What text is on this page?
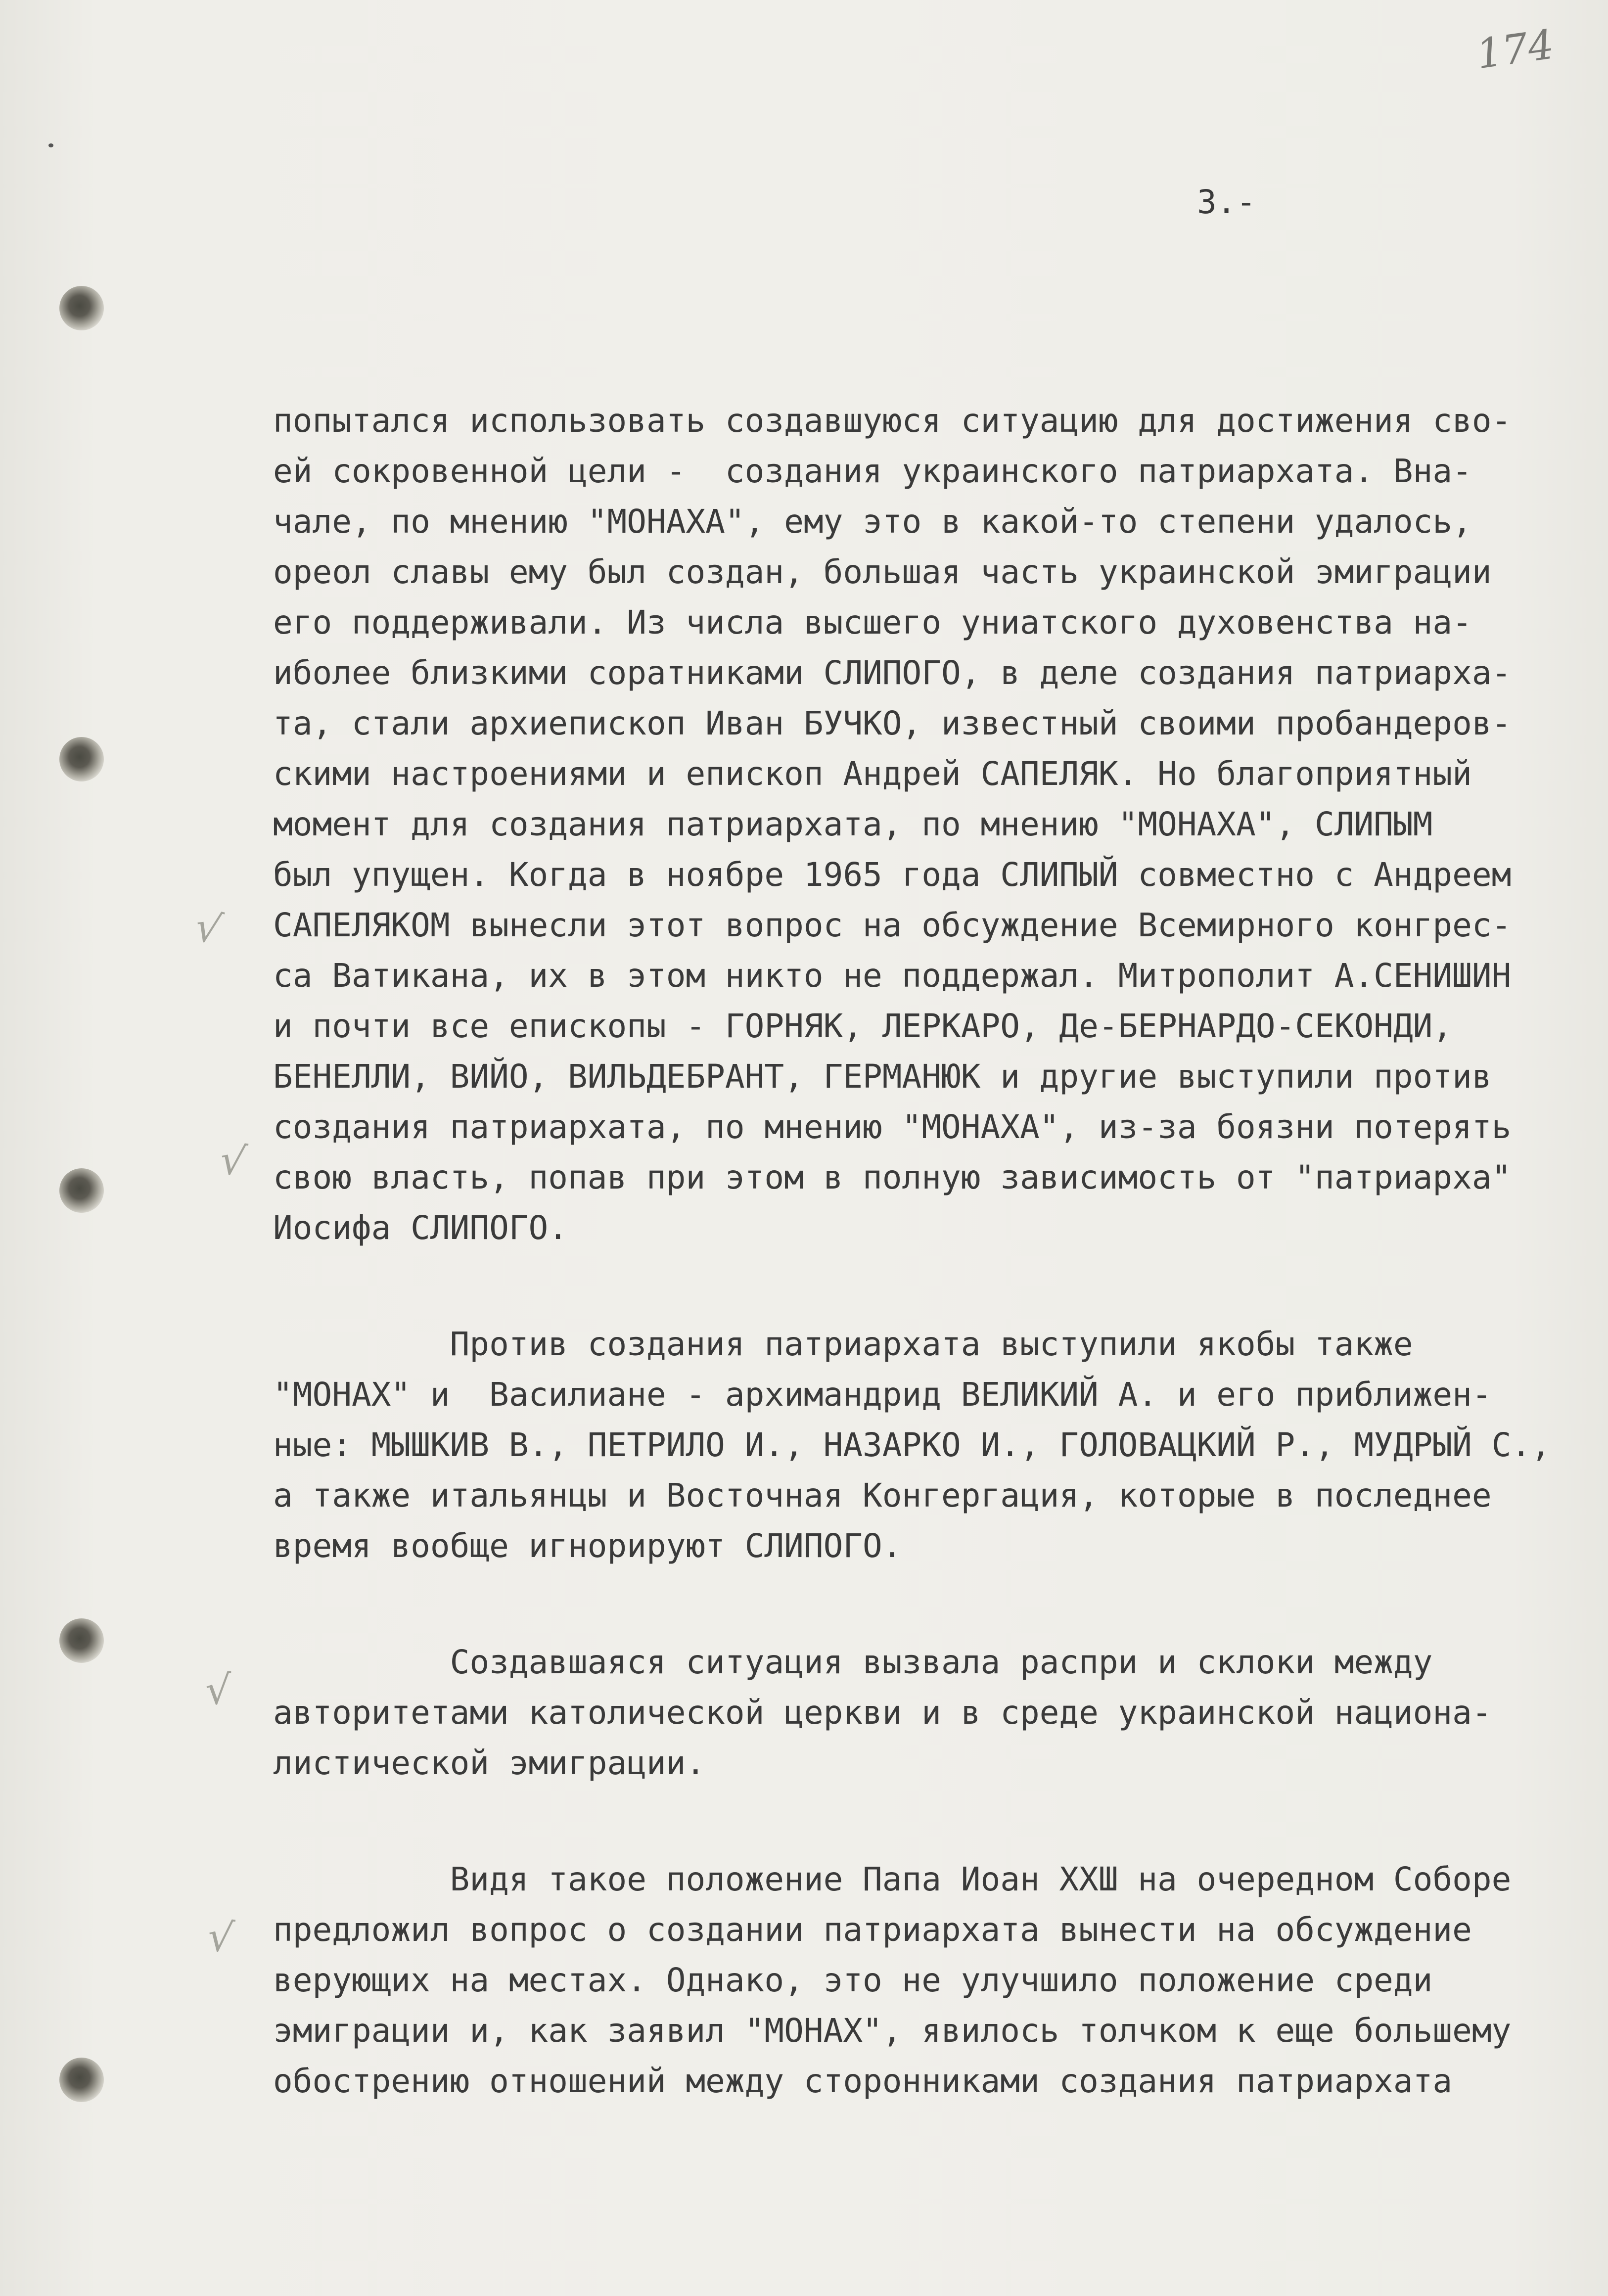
174
3.-
√
√
√
√
попытался использовать создавшуюся ситуацию для достижения сво-
ей сокровенной цели -  создания украинского патриархата. Вна-
чале, по мнению "МОНАХА", ему это в какой-то степени удалось,
ореол славы ему был создан, большая часть украинской эмиграции
его поддерживали. Из числа высшего униатского духовенства на-
иболее близкими соратниками СЛИПОГО, в деле создания патриарха-
та, стали архиепископ Иван БУЧКО, известный своими пробандеров-
скими настроениями и епископ Андрей САПЕЛЯК. Но благоприятный
момент для создания патриархата, по мнению "МОНАХА", СЛИПЫМ
был упущен. Когда в ноябре 1965 года СЛИПЫЙ совместно с Андреем
САПЕЛЯКОМ вынесли этот вопрос на обсуждение Всемирного конгрес-
са Ватикана, их в этом никто не поддержал. Митрополит А.СЕНИШИН
и почти все епископы - ГОРНЯК, ЛЕРКАРО, Де-БЕРНАРДО-СЕКОНДИ,
БЕНЕЛЛИ, ВИЙО, ВИЛЬДЕБРАНТ, ГЕРМАНЮК и другие выступили против
создания патриархата, по мнению "МОНАХА", из-за боязни потерять
свою власть, попав при этом в полную зависимость от "патриарха"
Иосифа СЛИПОГО.
Против создания патриархата выступили якобы также
"МОНАХ" и  Василиане - архимандрид ВЕЛИКИЙ А. и его приближен-
ные: МЫШКИВ В., ПЕТРИЛО И., НАЗАРКО И., ГОЛОВАЦКИЙ Р., МУДРЫЙ С.,
а также итальянцы и Восточная Конгергация, которые в последнее
время вообще игнорируют СЛИПОГО.
Создавшаяся ситуация вызвала распри и склоки между
авторитетами католической церкви и в среде украинской национа-
листической эмиграции.
Видя такое положение Папа Иоан ХХШ на очередном Соборе
предложил вопрос о создании патриархата вынести на обсуждение
верующих на местах. Однако, это не улучшило положение среди
эмиграции и, как заявил "МОНАХ", явилось толчком к еще большему
обострению отношений между сторонниками создания патриархата
